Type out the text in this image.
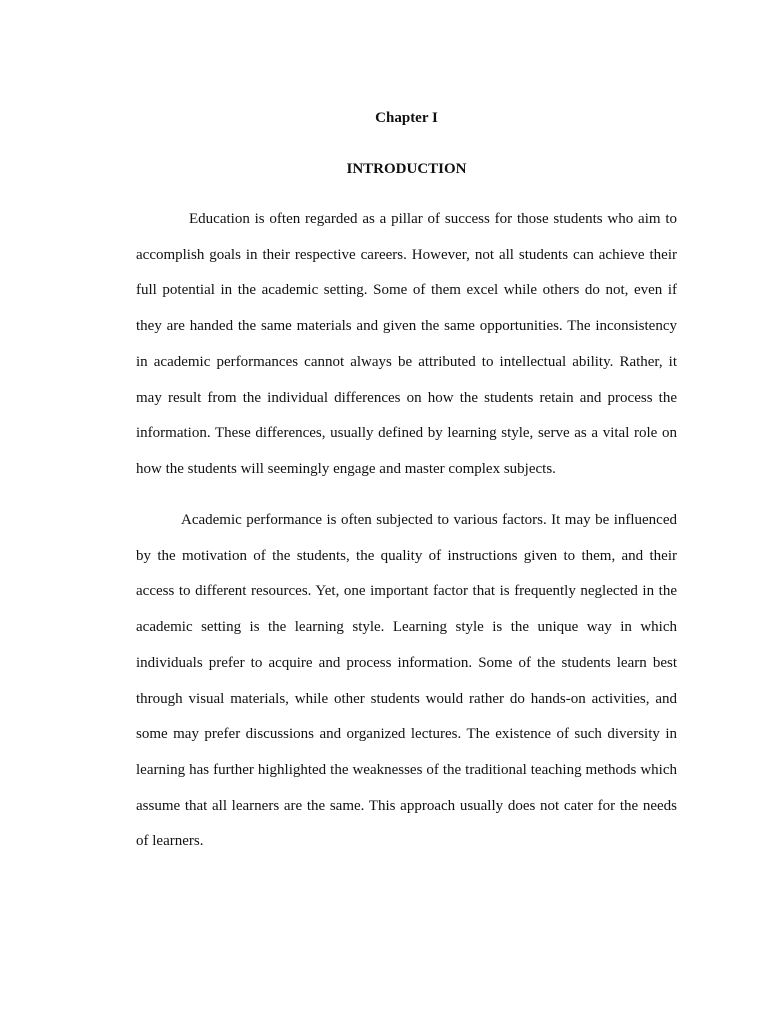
Chapter I
INTRODUCTION

Education is often regarded as a pillar of success for those students who aim to accomplish goals in their respective careers. However, not all students can achieve their full potential in the academic setting. Some of them excel while others do not, even if they are handed the same materials and given the same opportunities. The inconsistency in academic performances cannot always be attributed to intellectual ability. Rather, it may result from the individual differences on how the students retain and process the information. These differences, usually defined by learning style, serve as a vital role on how the students will seemingly engage and master complex subjects.

Academic performance is often subjected to various factors. It may be influenced by the motivation of the students, the quality of instructions given to them, and their access to different resources. Yet, one important factor that is frequently neglected in the academic setting is the learning style. Learning style is the unique way in which individuals prefer to acquire and process information. Some of the students learn best through visual materials, while other students would rather do hands-on activities, and some may prefer discussions and organized lectures. The existence of such diversity in learning has further highlighted the weaknesses of the traditional teaching methods which assume that all learners are the same. This approach usually does not cater for the needs of learners.
